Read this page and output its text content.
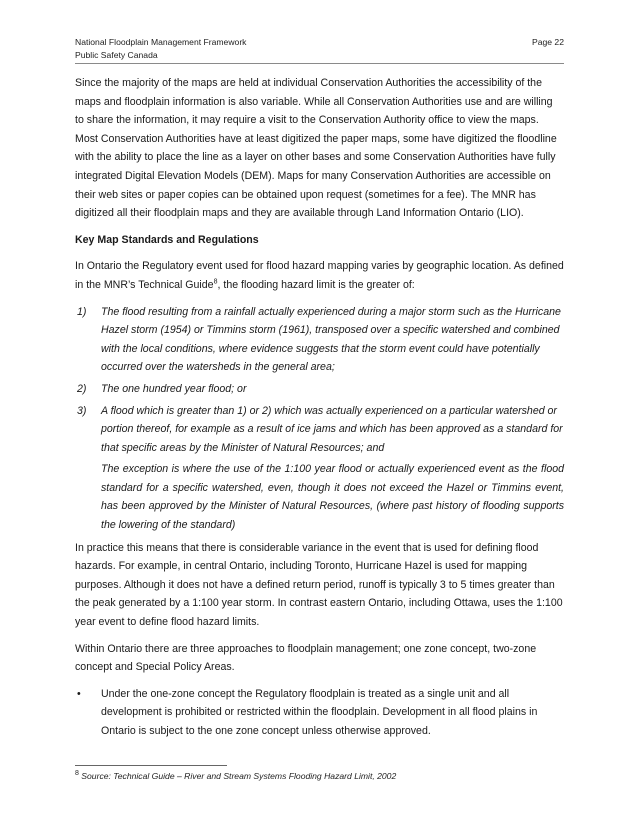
National Floodplain Management Framework	Page 22
Public Safety Canada

Since the majority of the maps are held at individual Conservation Authorities the accessibility of the maps and floodplain information is also variable. While all Conservation Authorities use and are willing to share the information, it may require a visit to the Conservation Authority office to view the maps. Most Conservation Authorities have at least digitized the paper maps, some have digitized the floodline with the ability to place the line as a layer on other bases and some Conservation Authorities have fully integrated Digital Elevation Models (DEM). Maps for many Conservation Authorities are accessible on their web sites or paper copies can be obtained upon request (sometimes for a fee). The MNR has digitized all their floodplain maps and they are available through Land Information Ontario (LIO).

Key Map Standards and Regulations

In Ontario the Regulatory event used for flood hazard mapping varies by geographic location. As defined in the MNR’s Technical Guide$^8$, the flooding hazard limit is the greater of:

1)	The flood resulting from a rainfall actually experienced during a major storm such as the Hurricane Hazel storm (1954) or Timmins storm (1961), transposed over a specific watershed and combined with the local conditions, where evidence suggests that the storm event could have potentially occurred over the watersheds in the general area;
2)	The one hundred year flood; or
3)	A flood which is greater than 1) or 2) which was actually experienced on a particular watershed or portion thereof, for example as a result of ice jams and which has been approved as a standard for that specific areas by the Minister of Natural Resources; and
The exception is where the use of the 1:100 year flood or actually experienced event as the flood standard for a specific watershed, even, though it does not exceed the Hazel or Timmins event, has been approved by the Minister of Natural Resources, (where past history of flooding supports the lowering of the standard)

In practice this means that there is considerable variance in the event that is used for defining flood hazards. For example, in central Ontario, including Toronto, Hurricane Hazel is used for mapping purposes. Although it does not have a defined return period, runoff is typically 3 to 5 times greater than the peak generated by a 1:100 year storm. In contrast eastern Ontario, including Ottawa, uses the 1:100 year event to define flood hazard limits.

Within Ontario there are three approaches to floodplain management; one zone concept, two-zone concept and Special Policy Areas.

•	Under the one-zone concept the Regulatory floodplain is treated as a single unit and all development is prohibited or restricted within the floodplain. Development in all flood plains in Ontario is subject to the one zone concept unless otherwise approved.
$^8$ Source: Technical Guide – River and Stream Systems Flooding Hazard Limit, 2002
